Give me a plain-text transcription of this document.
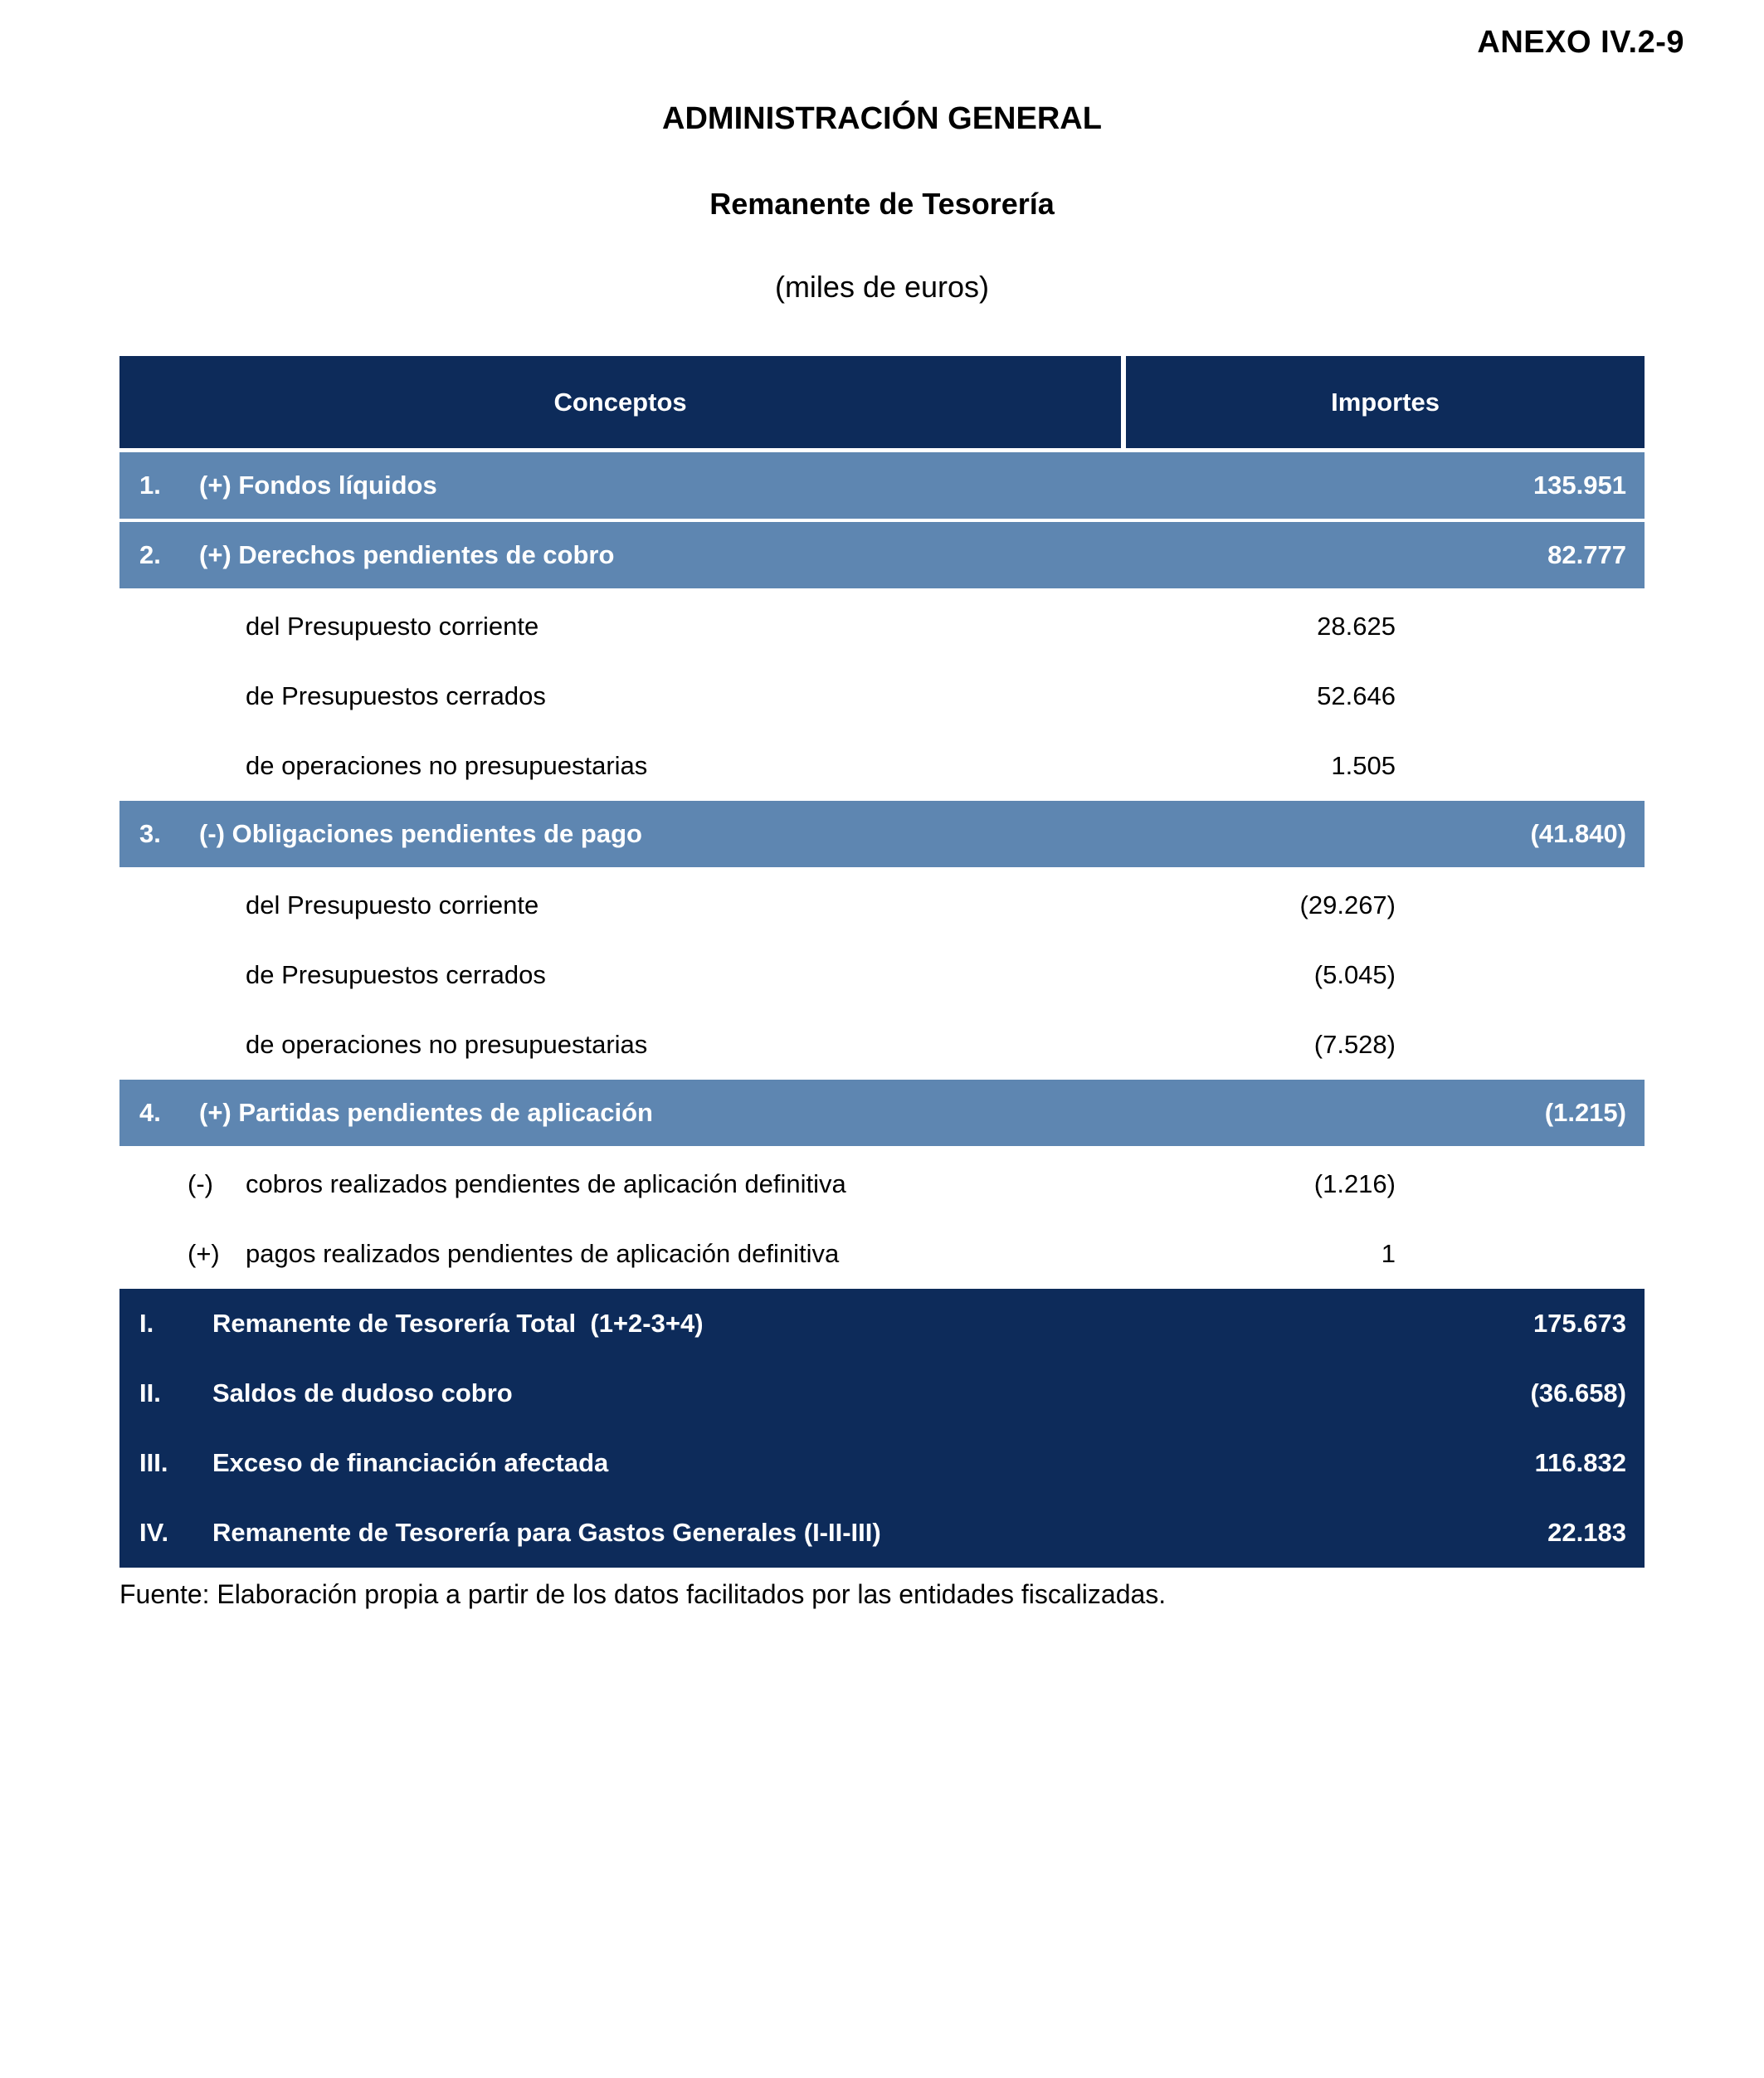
ANEXO IV.2-9
ADMINISTRACIÓN GENERAL
Remanente de Tesorería
(miles de euros)
Conceptos	Importes
1.	(+) Fondos líquidos	135.951
2.	(+) Derechos pendientes de cobro	82.777
del Presupuesto corriente	28.625
de Presupuestos cerrados	52.646
de operaciones no presupuestarias	1.505
3.	(-) Obligaciones pendientes de pago	(41.840)
del Presupuesto corriente	(29.267)
de Presupuestos cerrados	(5.045)
de operaciones no presupuestarias	(7.528)
4.	(+) Partidas pendientes de aplicación	(1.215)
(-)	cobros realizados pendientes de aplicación definitiva	(1.216)
(+)	pagos realizados pendientes de aplicación definitiva	1
I.	Remanente de Tesorería Total  (1+2-3+4)	175.673
II.	Saldos de dudoso cobro	(36.658)
III.	Exceso de financiación afectada	116.832
IV.	Remanente de Tesorería para Gastos Generales (I-II-III)	22.183
Fuente: Elaboración propia a partir de los datos facilitados por las entidades fiscalizadas.
